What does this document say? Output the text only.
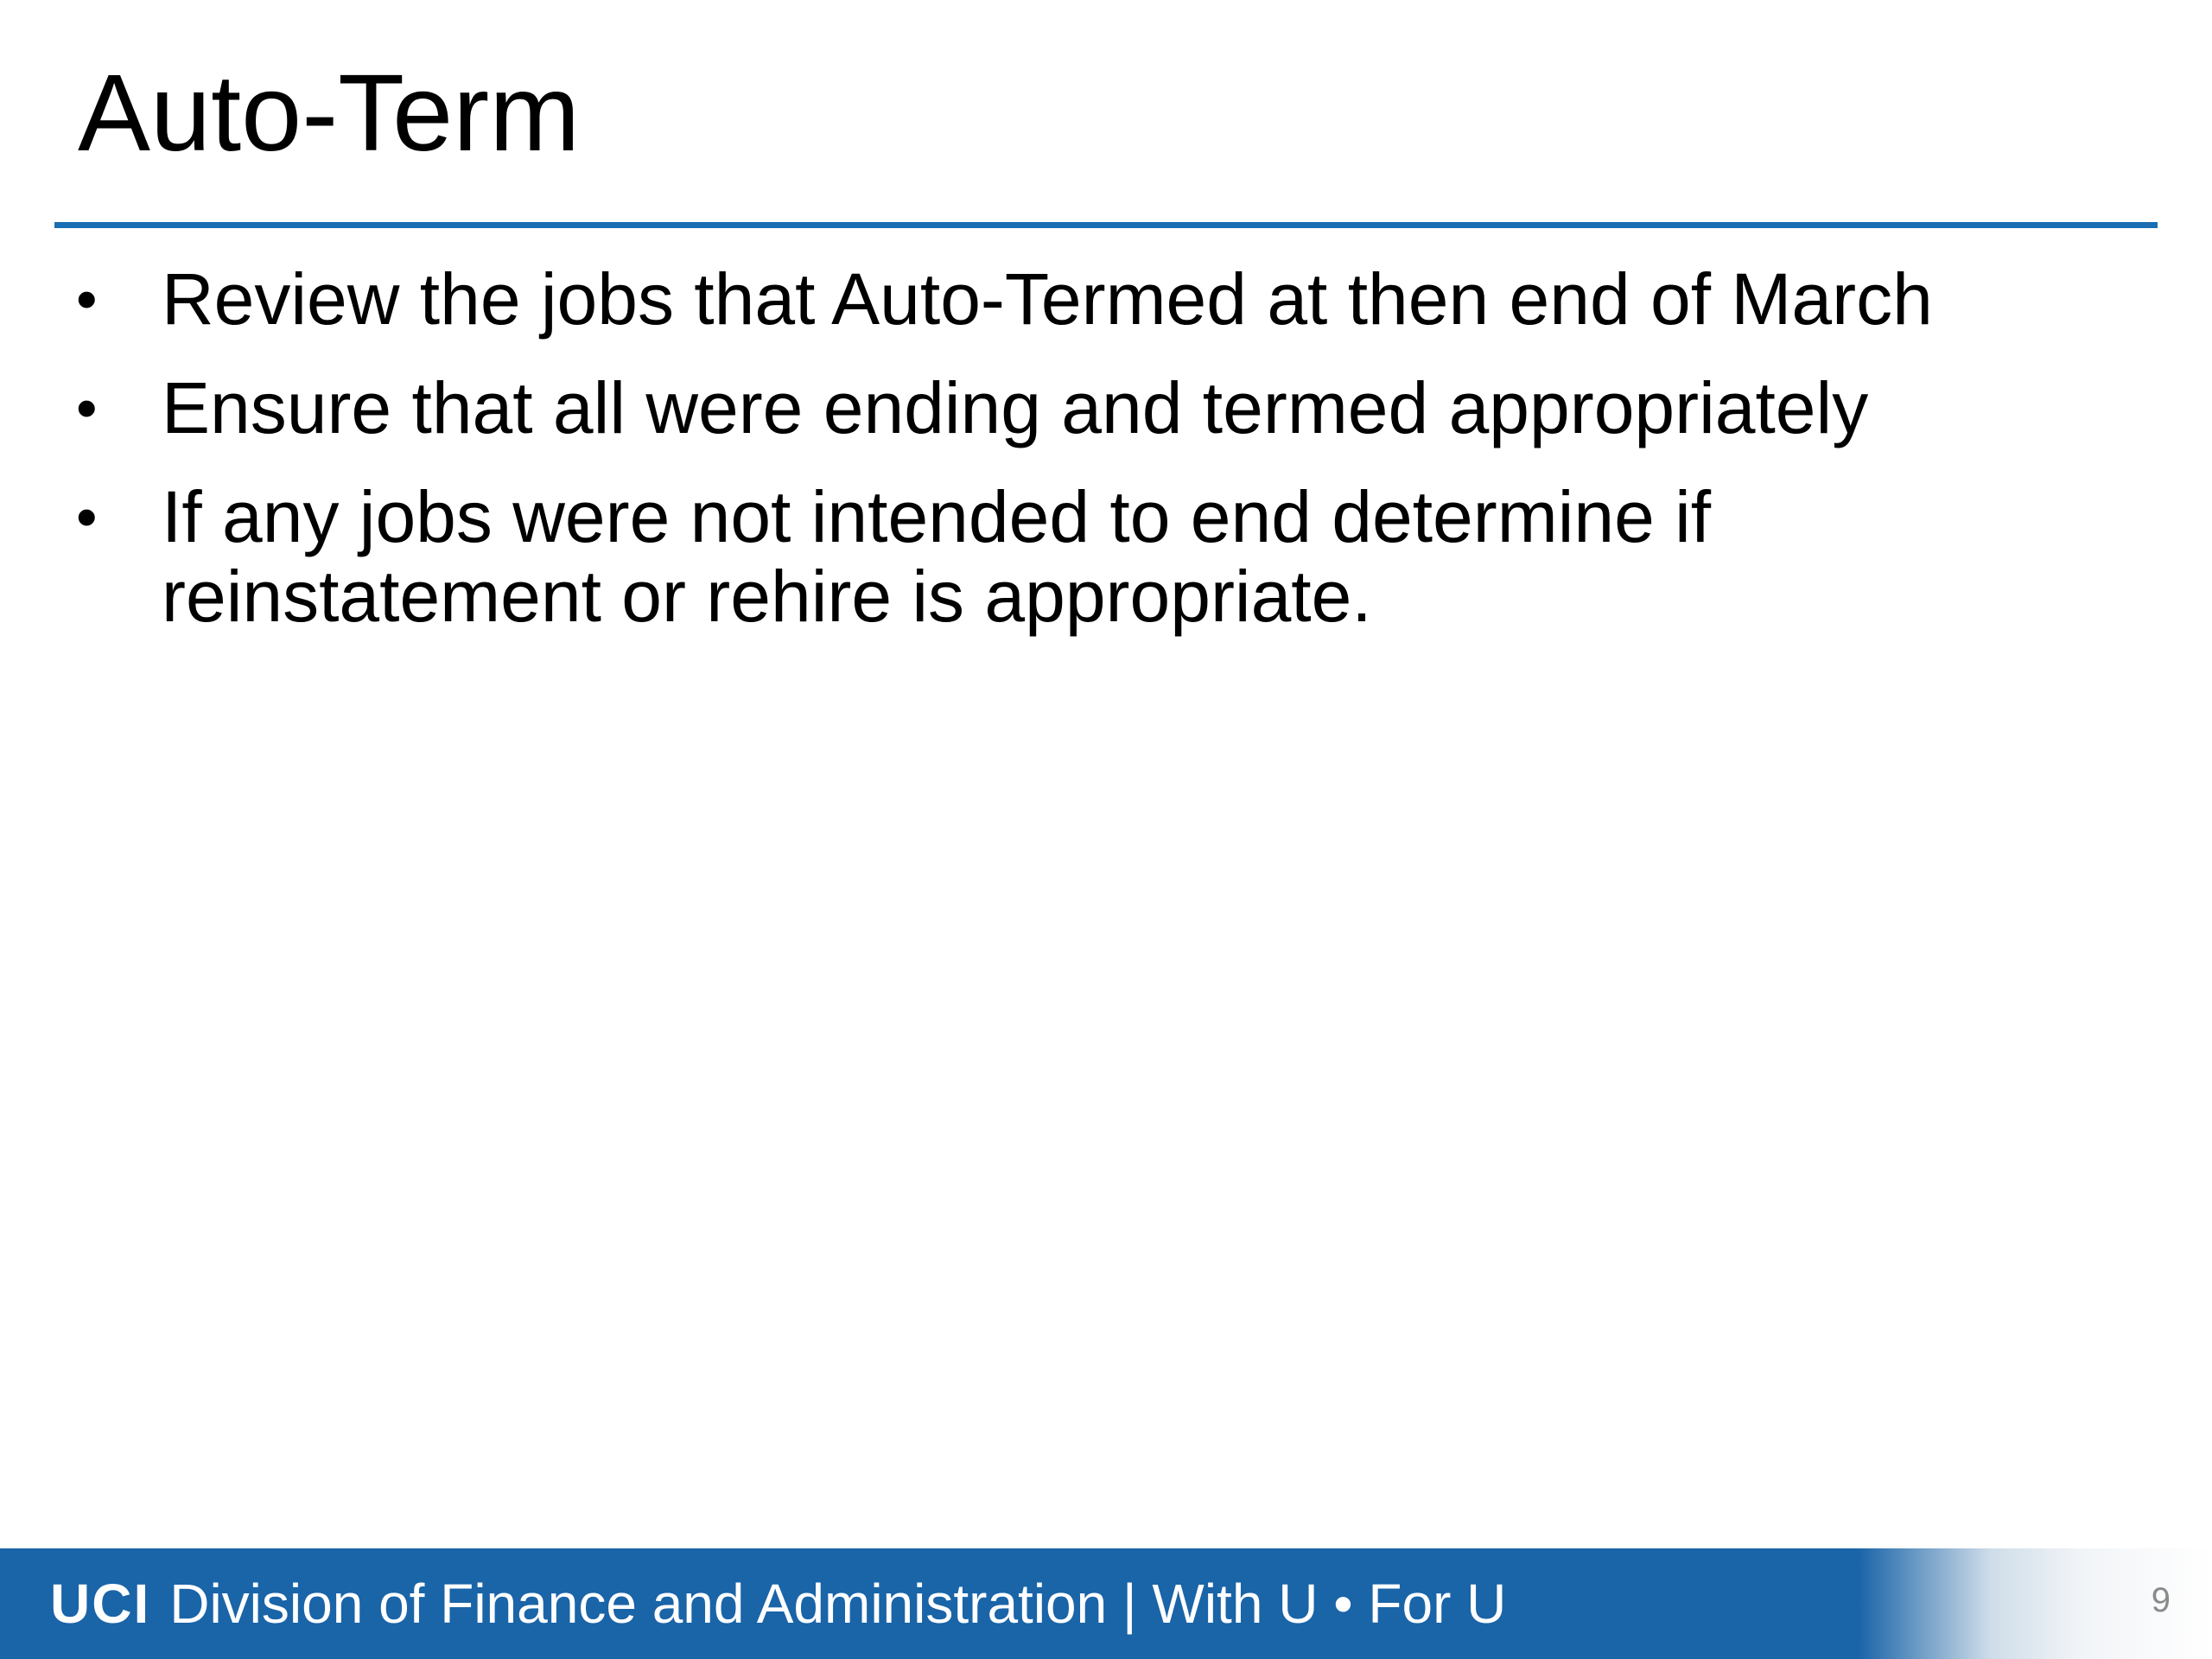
Auto-Term
• Review the jobs that Auto-Termed at then end of March
• Ensure that all were ending and termed appropriately
• If any jobs were not intended to end determine if reinstatement or rehire is appropriate.
UCI Division of Finance and Administration | With U • For U	9
